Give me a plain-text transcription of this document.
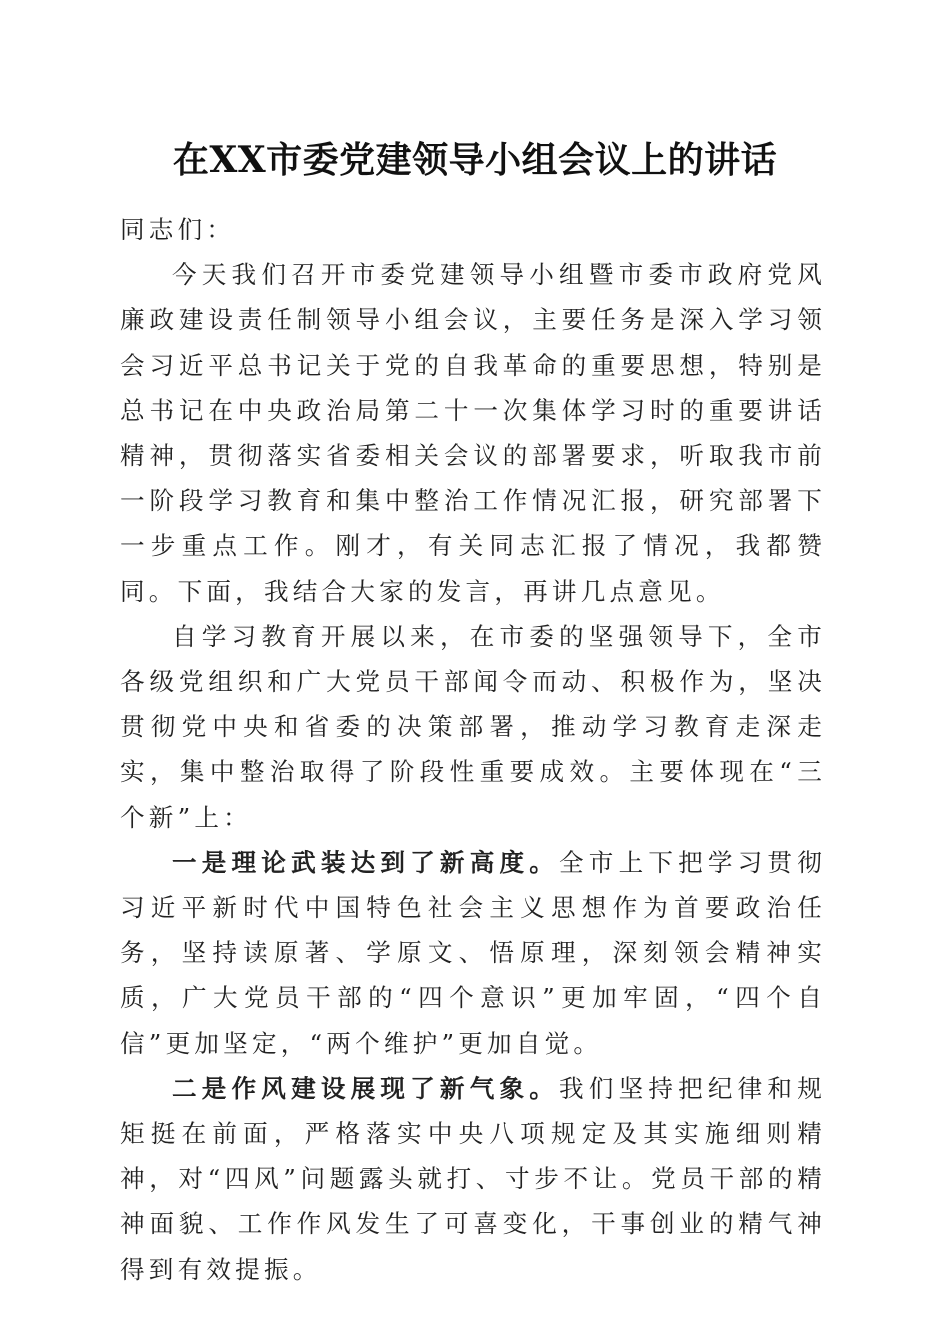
在XX市委党建领导小组会议上的讲话

同志们：

今天我们召开市委党建领导小组暨市委市政府党风廉政建设责任制领导小组会议，主要任务是深入学习领会习近平总书记关于党的自我革命的重要思想，特别是总书记在中央政治局第二十一次集体学习时的重要讲话精神，贯彻落实省委相关会议的部署要求，听取我市前一阶段学习教育和集中整治工作情况汇报，研究部署下一步重点工作。刚才，有关同志汇报了情况，我都赞同。下面，我结合大家的发言，再讲几点意见。

自学习教育开展以来，在市委的坚强领导下，全市各级党组织和广大党员干部闻令而动、积极作为，坚决贯彻党中央和省委的决策部署，推动学习教育走深走实，集中整治取得了阶段性重要成效。主要体现在“三个新”上：

一是理论武装达到了新高度。全市上下把学习贯彻习近平新时代中国特色社会主义思想作为首要政治任务，坚持读原著、学原文、悟原理，深刻领会精神实质，广大党员干部的“四个意识”更加牢固，“四个自信”更加坚定，“两个维护”更加自觉。

二是作风建设展现了新气象。我们坚持把纪律和规矩挺在前面，严格落实中央八项规定及其实施细则精神，对“四风”问题露头就打、寸步不让。党员干部的精神面貌、工作作风发生了可喜变化，干事创业的精气神得到有效提振。
